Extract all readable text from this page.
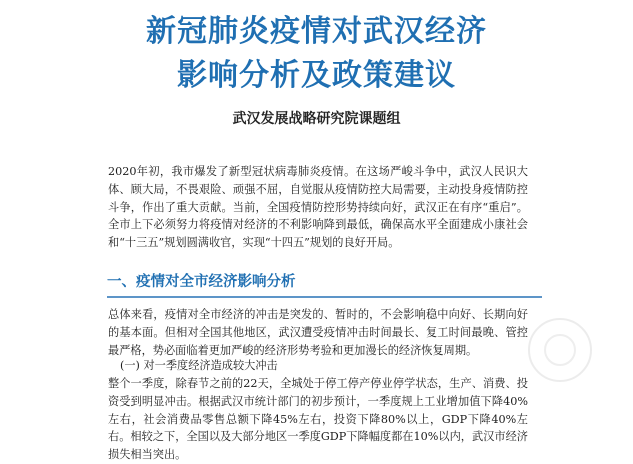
新冠肺炎疫情对武汉经济
影响分析及政策建议
武汉发展战略研究院课题组
2020年初，我市爆发了新型冠状病毒肺炎疫情。在这场严峻斗争中，武汉人民识大体、顾大局，不畏艰险、顽强不屈，自觉服从疫情防控大局需要，主动投身疫情防控斗争，作出了重大贡献。当前，全国疫情防控形势持续向好，武汉正在有序“重启”。全市上下必须努力将疫情对经济的不利影响降到最低，确保高水平全面建成小康社会和“十三五”规划圆满收官，实现“十四五”规划的良好开局。
一、疫情对全市经济影响分析
总体来看，疫情对全市经济的冲击是突发的、暂时的，不会影响稳中向好、长期向好的基本面。但相对全国其他地区，武汉遭受疫情冲击时间最长、复工时间最晚、管控最严格，势必面临着更加严峻的经济形势考验和更加漫长的经济恢复周期。
(一) 对一季度经济造成较大冲击
整个一季度，除春节之前的22天，全城处于停工停产停业停学状态，生产、消费、投资受到明显冲击。根据武汉市统计部门的初步预计，一季度规上工业增加值下降40%左右，社会消费品零售总额下降45%左右，投资下降80%以上，GDP下降40%左右。相较之下，全国以及大部分地区一季度GDP下降幅度都在10%以内，武汉市经济损失相当突出。
